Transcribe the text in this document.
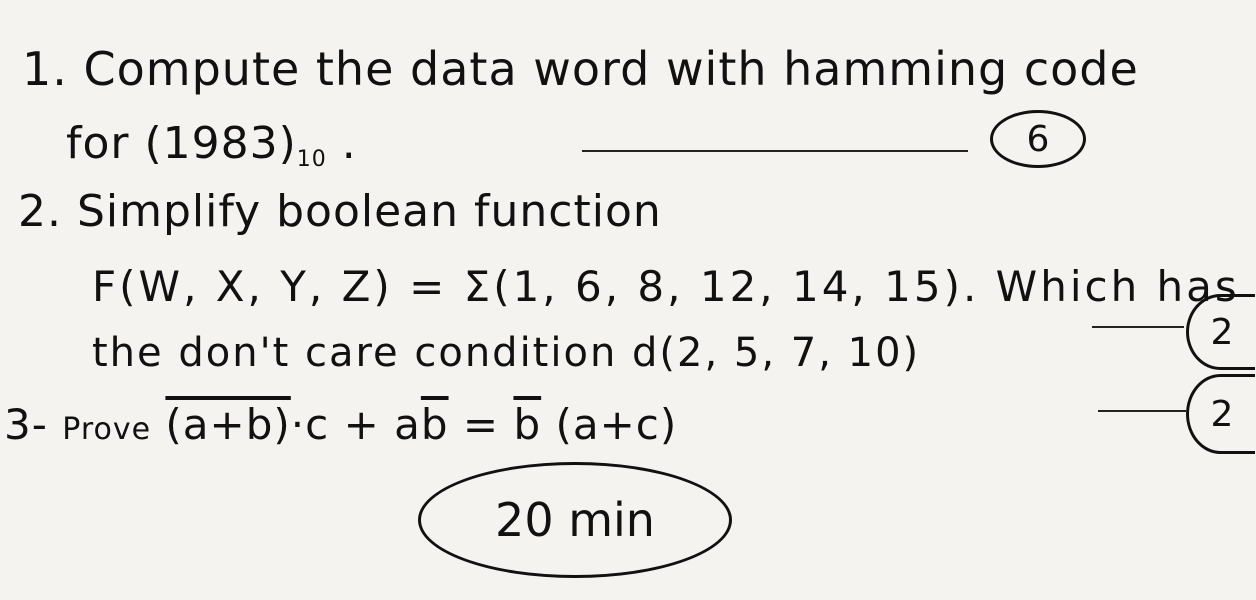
1. Compute the data word with hamming code
for $(1983)_{10}$ .	6
2. Simplify boolean function
F(W, X, Y, Z) = Σ(1, 6, 8, 12, 14, 15). Which has
the don't care condition d(2, 5, 7, 10)	2
3- Prove $(a+b)\cdot c + a\overline{b} = \overline{b}$ (a+c)	2
20 min
